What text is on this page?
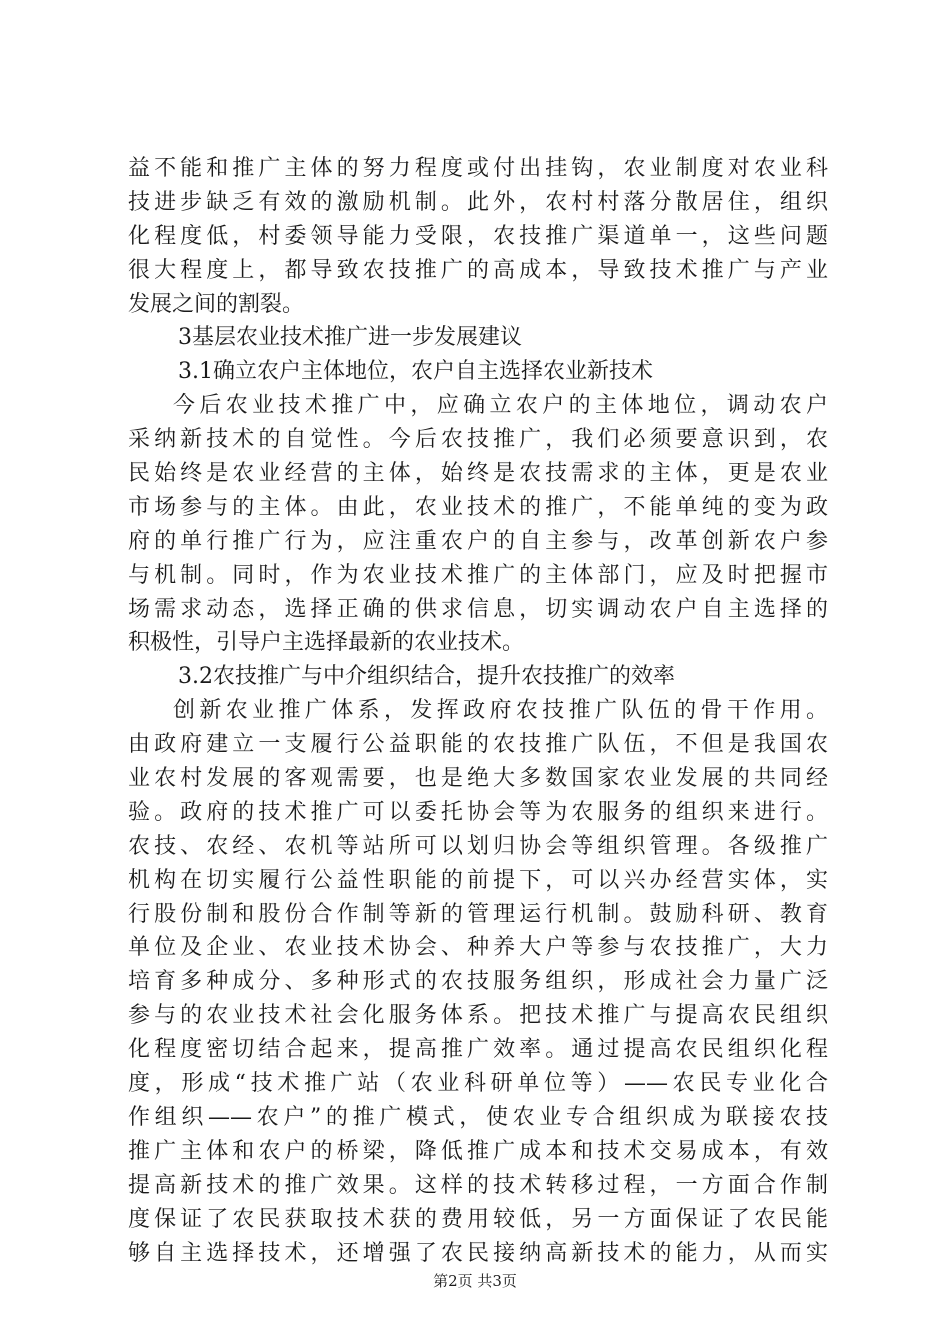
益不能和推广主体的努力程度或付出挂钩，农业制度对农业科
技进步缺乏有效的激励机制。此外，农村村落分散居住，组织
化程度低，村委领导能力受限，农技推广渠道单一，这些问题
很大程度上，都导致农技推广的高成本，导致技术推广与产业
发展之间的割裂。
3基层农业技术推广进一步发展建议
3.1确立农户主体地位，农户自主选择农业新技术
今后农业技术推广中，应确立农户的主体地位，调动农户
采纳新技术的自觉性。今后农技推广，我们必须要意识到，农
民始终是农业经营的主体，始终是农技需求的主体，更是农业
市场参与的主体。由此，农业技术的推广，不能单纯的变为政
府的单行推广行为，应注重农户的自主参与，改革创新农户参
与机制。同时，作为农业技术推广的主体部门，应及时把握市
场需求动态，选择正确的供求信息，切实调动农户自主选择的
积极性，引导户主选择最新的农业技术。
3.2农技推广与中介组织结合，提升农技推广的效率
创新农业推广体系，发挥政府农技推广队伍的骨干作用。
由政府建立一支履行公益职能的农技推广队伍，不但是我国农
业农村发展的客观需要，也是绝大多数国家农业发展的共同经
验。政府的技术推广可以委托协会等为农服务的组织来进行。
农技、农经、农机等站所可以划归协会等组织管理。各级推广
机构在切实履行公益性职能的前提下，可以兴办经营实体，实
行股份制和股份合作制等新的管理运行机制。鼓励科研、教育
单位及企业、农业技术协会、种养大户等参与农技推广，大力
培育多种成分、多种形式的农技服务组织，形成社会力量广泛
参与的农业技术社会化服务体系。把技术推广与提高农民组织
化程度密切结合起来，提高推广效率。通过提高农民组织化程
度，形成“技术推广站（农业科研单位等）——农民专业化合
作组织——农户”的推广模式，使农业专合组织成为联接农技
推广主体和农户的桥梁，降低推广成本和技术交易成本，有效
提高新技术的推广效果。这样的技术转移过程，一方面合作制
度保证了农民获取技术获的费用较低，另一方面保证了农民能
够自主选择技术，还增强了农民接纳高新技术的能力，从而实
第2页 共3页
